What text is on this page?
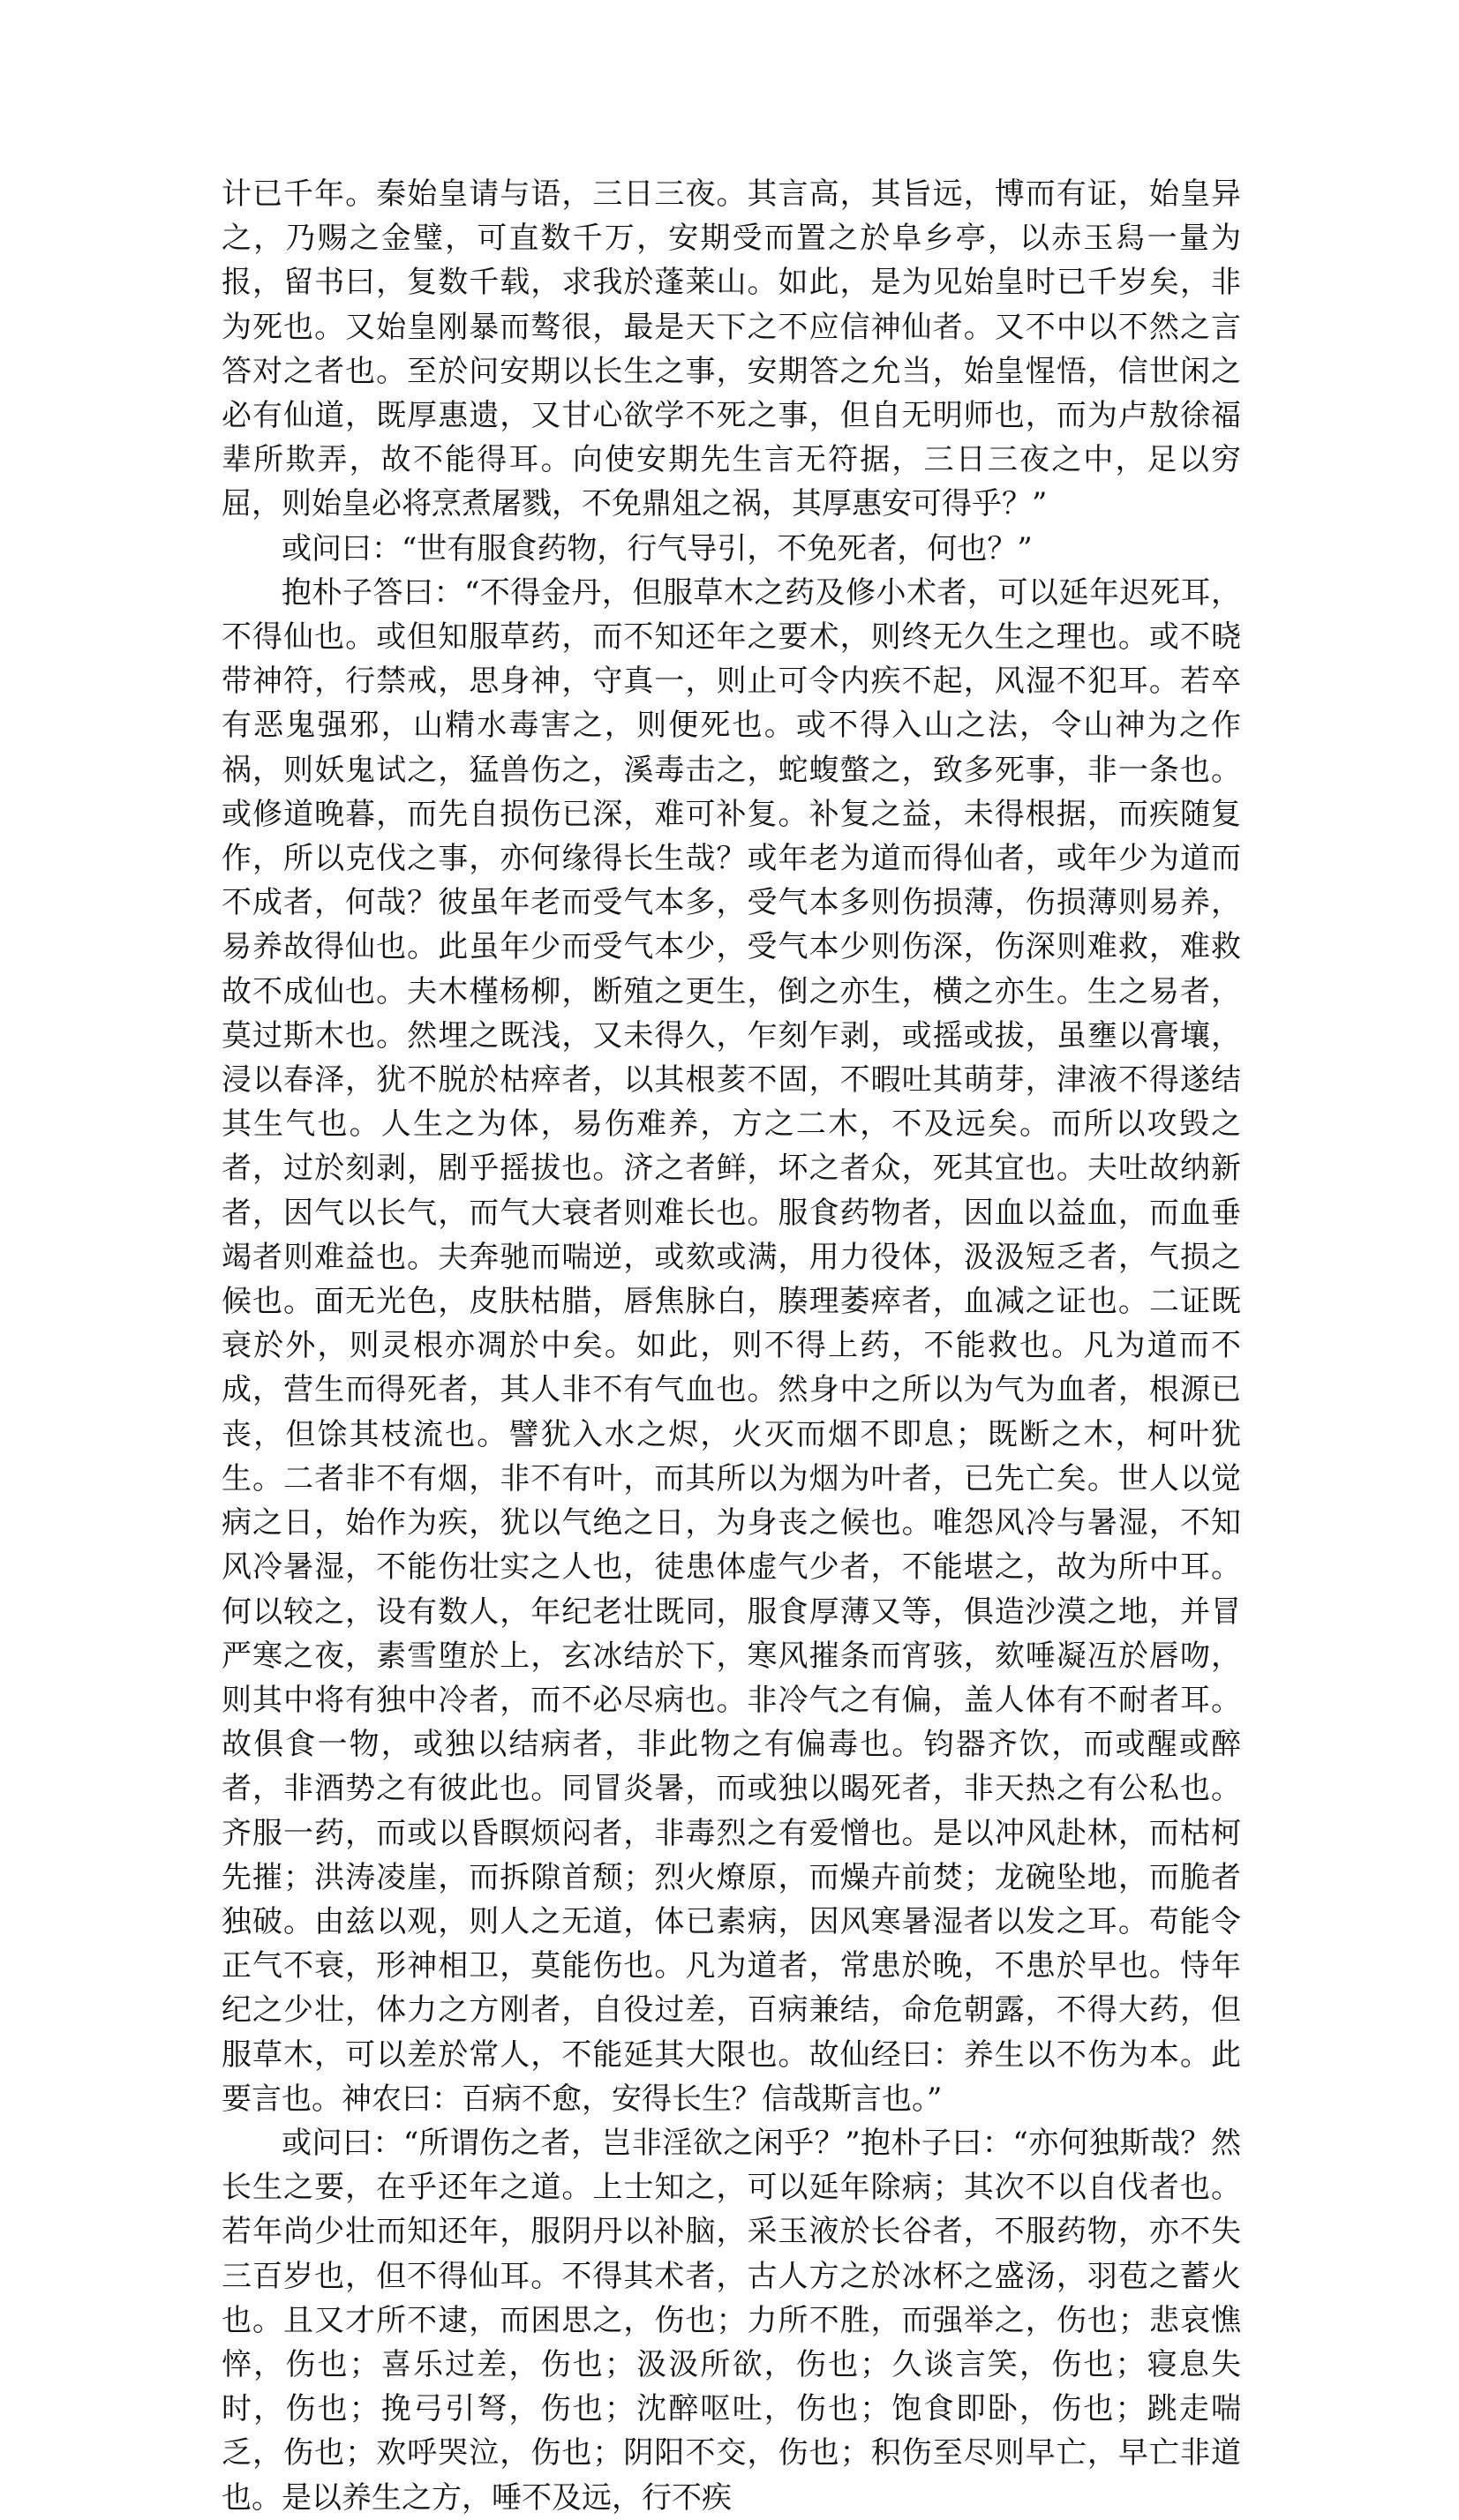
计已千年。秦始皇请与语，三日三夜。其言高，其旨远，博而有证，始皇异之，乃赐之金璧，可直数千万，安期受而置之於阜乡亭，以赤玉舄一量为报，留书曰，复数千载，求我於蓬莱山。如此，是为见始皇时已千岁矣，非为死也。又始皇刚暴而骜很，最是天下之不应信神仙者。又不中以不然之言答对之者也。至於问安期以长生之事，安期答之允当，始皇惺悟，信世闲之必有仙道，既厚惠遗，又甘心欲学不死之事，但自无明师也，而为卢敖徐福辈所欺弄，故不能得耳。向使安期先生言无符据，三日三夜之中，足以穷屈，则始皇必将烹煮屠戮，不免鼎俎之祸，其厚惠安可得乎？”

或问曰：“世有服食药物，行气导引，不免死者，何也？”

抱朴子答曰：“不得金丹，但服草木之药及修小术者，可以延年迟死耳，不得仙也。或但知服草药，而不知还年之要术，则终无久生之理也。或不晓带神符，行禁戒，思身神，守真一，则止可令内疾不起，风湿不犯耳。若卒有恶鬼强邪，山精水毒害之，则便死也。或不得入山之法，令山神为之作祸，则妖鬼试之，猛兽伤之，溪毒击之，蛇蝮螫之，致多死事，非一条也。或修道晚暮，而先自损伤已深，难可补复。补复之益，未得根据，而疾随复作，所以克伐之事，亦何缘得长生哉？或年老为道而得仙者，或年少为道而不成者，何哉？彼虽年老而受气本多，受气本多则伤损薄，伤损薄则易养，易养故得仙也。此虽年少而受气本少，受气本少则伤深，伤深则难救，难救故不成仙也。夫木槿杨柳，断殖之更生，倒之亦生，横之亦生。生之易者，莫过斯木也。然埋之既浅，又未得久，乍刻乍剥，或摇或拔，虽壅以膏壤，浸以春泽，犹不脱於枯瘁者，以其根荄不固，不暇吐其萌芽，津液不得遂结其生气也。人生之为体，易伤难养，方之二木，不及远矣。而所以攻毁之者，过於刻剥，剧乎摇拔也。济之者鲜，坏之者众，死其宜也。夫吐故纳新者，因气以长气，而气大衰者则难长也。服食药物者，因血以益血，而血垂竭者则难益也。夫奔驰而喘逆，或欬或满，用力役体，汲汲短乏者，气损之候也。面无光色，皮肤枯腊，唇焦脉白，腠理萎瘁者，血减之证也。二证既衰於外，则灵根亦凋於中矣。如此，则不得上药，不能救也。凡为道而不成，营生而得死者，其人非不有气血也。然身中之所以为气为血者，根源已丧，但馀其枝流也。譬犹入水之烬，火灭而烟不即息；既断之木，柯叶犹生。二者非不有烟，非不有叶，而其所以为烟为叶者，已先亡矣。世人以觉病之日，始作为疾，犹以气绝之日，为身丧之候也。唯怨风冷与暑湿，不知风冷暑湿，不能伤壮实之人也，徒患体虚气少者，不能堪之，故为所中耳。何以较之，设有数人，年纪老壮既同，服食厚薄又等，俱造沙漠之地，并冒严寒之夜，素雪堕於上，玄冰结於下，寒风摧条而宵骇，欬唾凝冱於唇吻，则其中将有独中冷者，而不必尽病也。非冷气之有偏，盖人体有不耐者耳。故俱食一物，或独以结病者，非此物之有偏毒也。钧器齐饮，而或醒或醉者，非酒势之有彼此也。同冒炎暑，而或独以暍死者，非天热之有公私也。齐服一药，而或以昏瞑烦闷者，非毒烈之有爱憎也。是以冲风赴林，而枯柯先摧；洪涛凌崖，而拆隙首颓；烈火燎原，而燥卉前焚；龙碗坠地，而脆者独破。由兹以观，则人之无道，体已素病，因风寒暑湿者以发之耳。苟能令正气不衰，形神相卫，莫能伤也。凡为道者，常患於晚，不患於早也。恃年纪之少壮，体力之方刚者，自役过差，百病兼结，命危朝露，不得大药，但服草木，可以差於常人，不能延其大限也。故仙经曰：养生以不伤为本。此要言也。神农曰：百病不愈，安得长生？信哉斯言也。”

或问曰：“所谓伤之者，岂非淫欲之闲乎？”抱朴子曰：“亦何独斯哉？然长生之要，在乎还年之道。上士知之，可以延年除病；其次不以自伐者也。若年尚少壮而知还年，服阴丹以补脑，采玉液於长谷者，不服药物，亦不失三百岁也，但不得仙耳。不得其术者，古人方之於冰杯之盛汤，羽苞之蓄火也。且又才所不逮，而困思之，伤也；力所不胜，而强举之，伤也；悲哀憔悴，伤也；喜乐过差，伤也；汲汲所欲，伤也；久谈言笑，伤也；寝息失时，伤也；挽弓引弩，伤也；沈醉呕吐，伤也；饱食即卧，伤也；跳走喘乏，伤也；欢呼哭泣，伤也；阴阳不交，伤也；积伤至尽则早亡，早亡非道也。是以养生之方，唾不及远，行不疾
